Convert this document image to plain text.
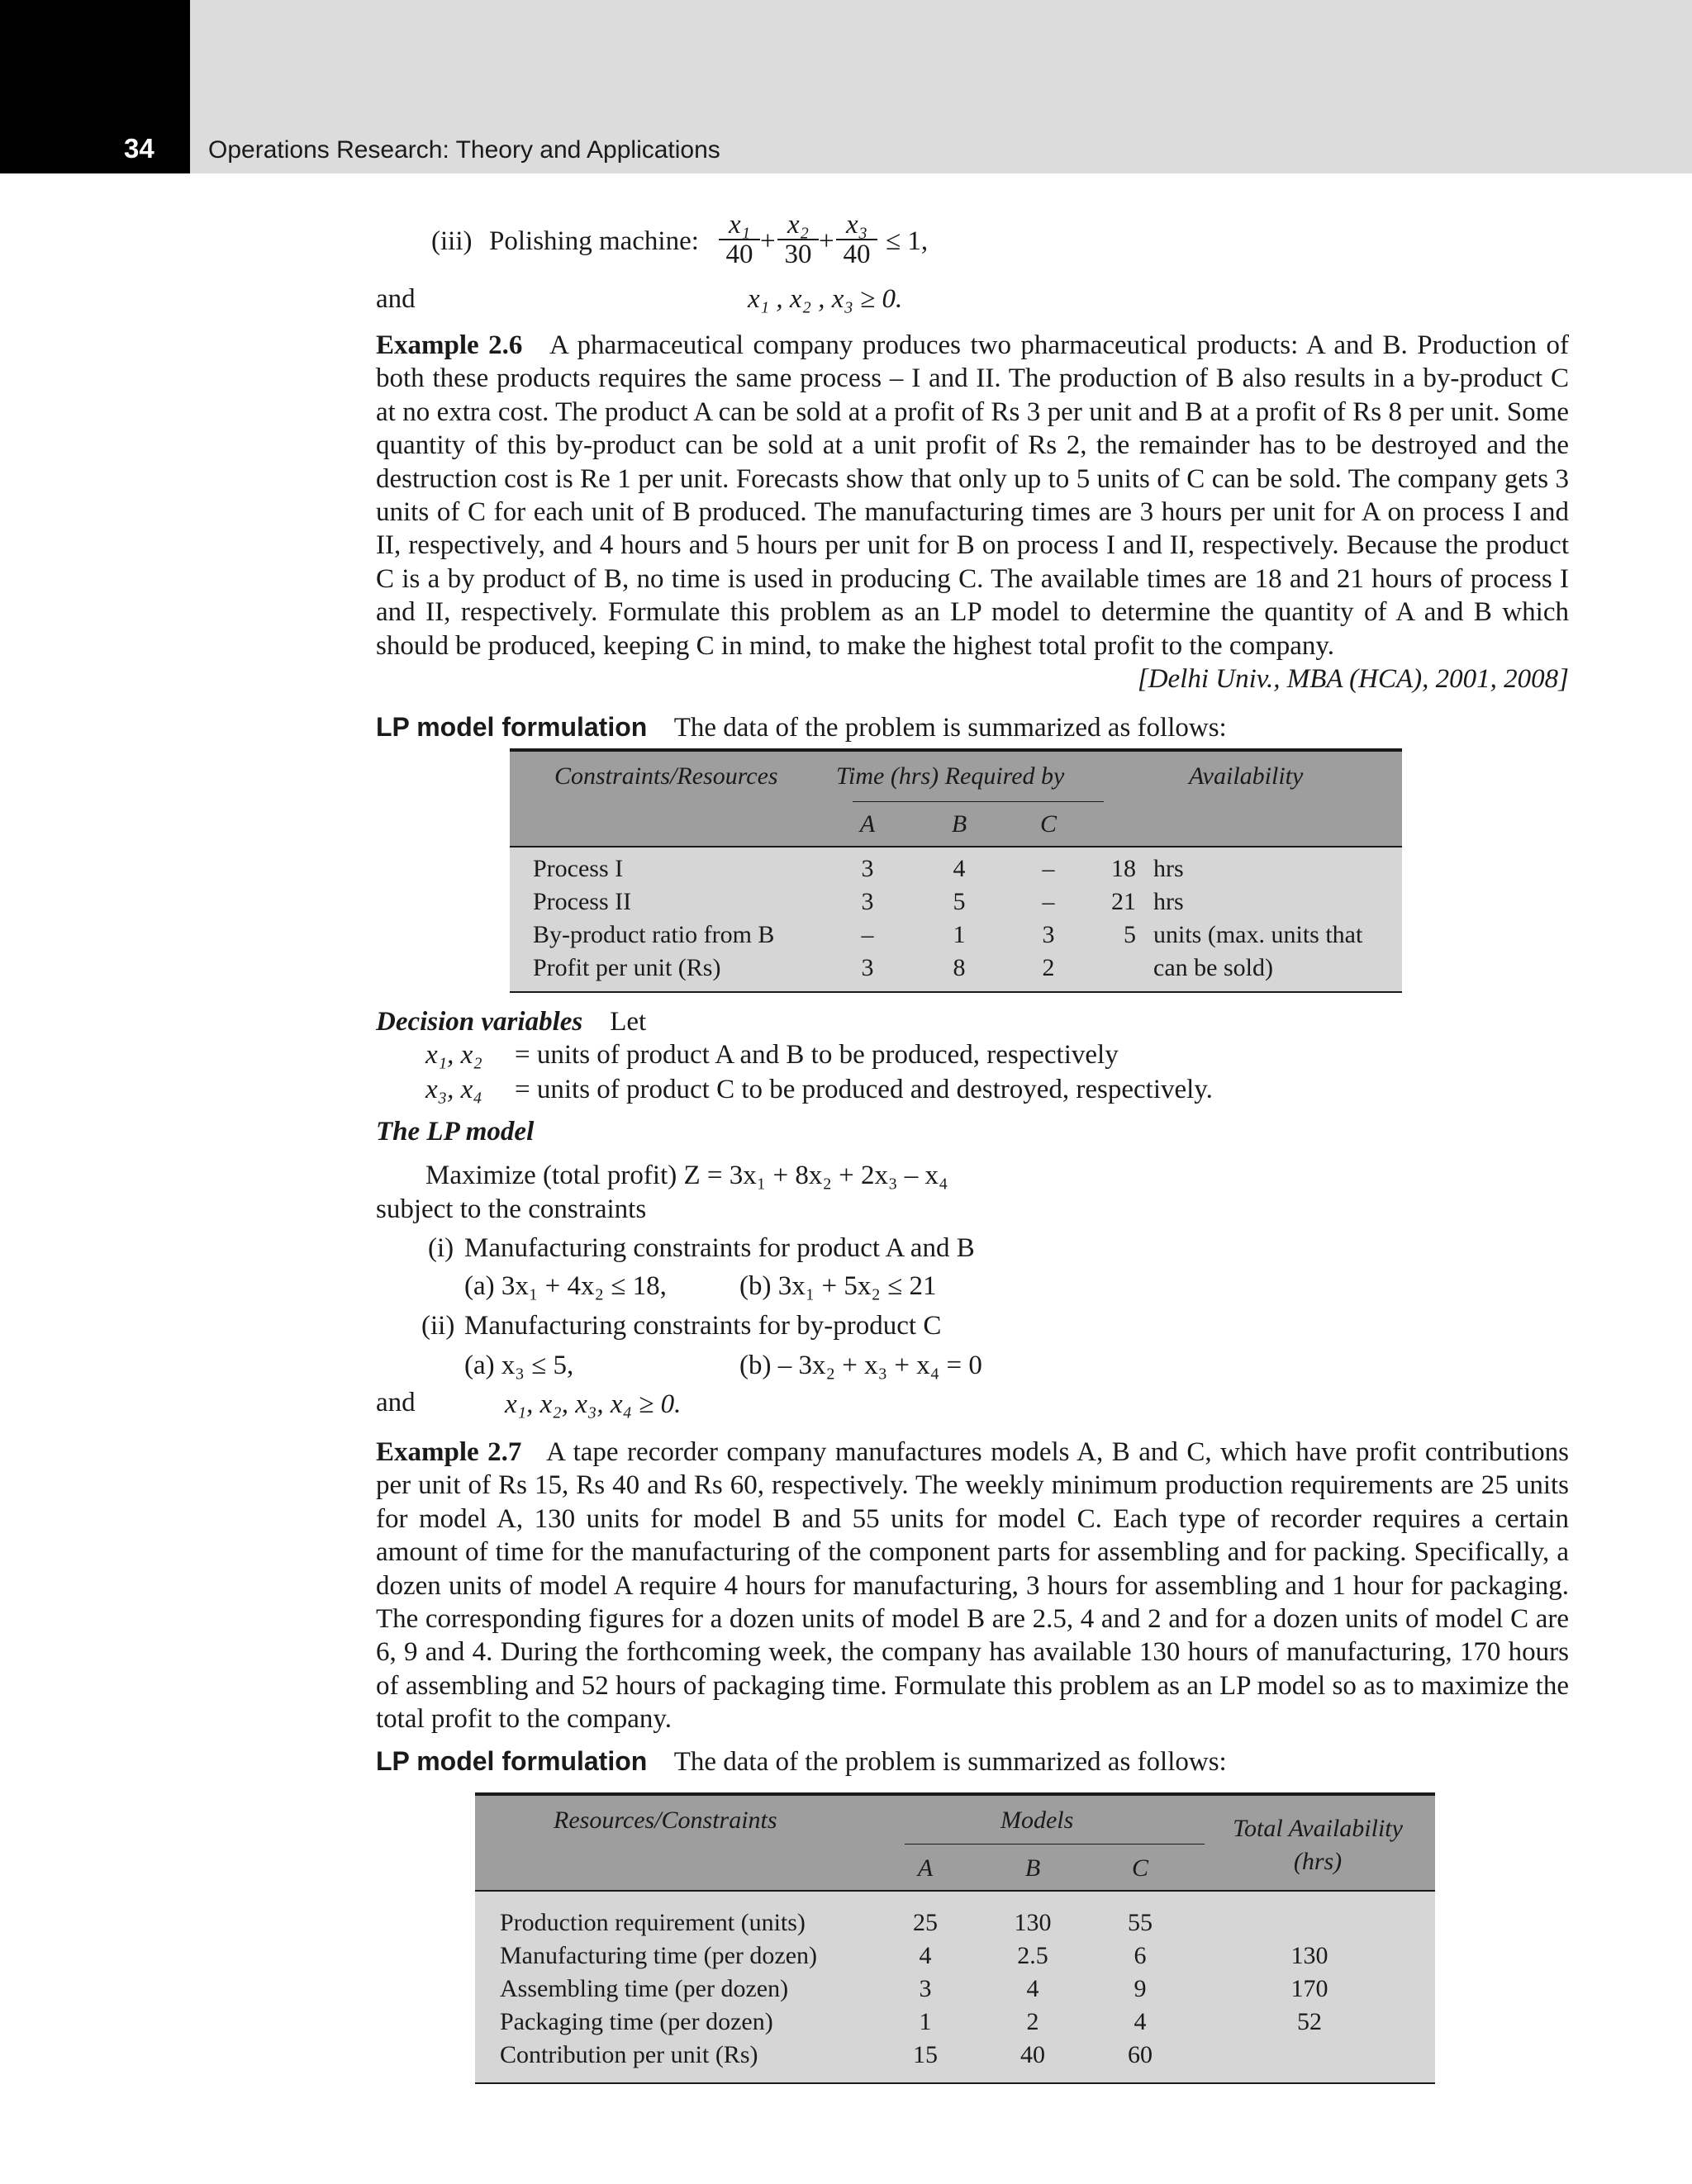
34 Operations Research: Theory and Applications
(iii) Polishing machine: $\frac{\text{x₁}}{40} + \frac{\text{x₂}}{30} + \frac{\text{x₃}}{40} \le 1$,
and	x₁ , x₂ , x₃ ≥ 0.
Example 2.6 A pharmaceutical company produces two pharmaceutical products: A and B. Production of both these products requires the same process – I and II. The production of B also results in a by-product C at no extra cost. The product A can be sold at a profit of Rs 3 per unit and B at a profit of Rs 8 per unit. Some quantity of this by-product can be sold at a unit profit of Rs 2, the remainder has to be destroyed and the destruction cost is Re 1 per unit. Forecasts show that only up to 5 units of C can be sold. The company gets 3 units of C for each unit of B produced. The manufacturing times are 3 hours per unit for A on process I and II, respectively, and 4 hours and 5 hours per unit for B on process I and II, respectively. Because the product C is a by product of B, no time is used in producing C. The available times are 18 and 21 hours of process I and II, respectively. Formulate this problem as an LP model to determine the quantity of A and B which should be produced, keeping C in mind, to make the highest total profit to the company.
[Delhi Univ., MBA (HCA), 2001, 2008]
LP model formulation The data of the problem is summarized as follows:
Constraints/Resources Time (hrs) Required by	Availability
A	B	C
Process I	3	4	–	18 hrs
Process II	3	5	–	21 hrs
By-product ratio from B	–	1	3	5 units (max. units that
Profit per unit (Rs)	3	8	2	can be sold)
Decision variables Let
x₁, x₂ = units of product A and B to be produced, respectively
x₃, x₄ = units of product C to be produced and destroyed, respectively.
The LP model
Maximize (total profit) Z = 3x₁ + 8x₂ + 2x₃ – x₄
subject to the constraints
(i) Manufacturing constraints for product A and B
(a) 3x₁ + 4x₂ ≤ 18,	(b) 3x₁ + 5x₂ ≤ 21
(ii) Manufacturing constraints for by-product C
(a) x₃ ≤ 5,	(b) – 3x₂ + x₃ + x₄ = 0
and	x₁, x₂, x₃, x₄ ≥ 0.
Example 2.7 A tape recorder company manufactures models A, B and C, which have profit contributions per unit of Rs 15, Rs 40 and Rs 60, respectively. The weekly minimum production requirements are 25 units for model A, 130 units for model B and 55 units for model C. Each type of recorder requires a certain amount of time for the manufacturing of the component parts for assembling and for packing. Specifically, a dozen units of model A require 4 hours for manufacturing, 3 hours for assembling and 1 hour for packaging. The corresponding figures for a dozen units of model B are 2.5, 4 and 2 and for a dozen units of model C are 6, 9 and 4. During the forthcoming week, the company has available 130 hours of manufacturing, 170 hours of assembling and 52 hours of packaging time. Formulate this problem as an LP model so as to maximize the total profit to the company.
LP model formulation The data of the problem is summarized as follows:
Resources/Constraints	Models	Total Availability
(hrs)
A	B	C
Production requirement (units)	25	130	55
Manufacturing time (per dozen)	4	2.5	6	130
Assembling time (per dozen)	3	4	9	170
Packaging time (per dozen)	1	2	4	52
Contribution per unit (Rs)	15	40	60
